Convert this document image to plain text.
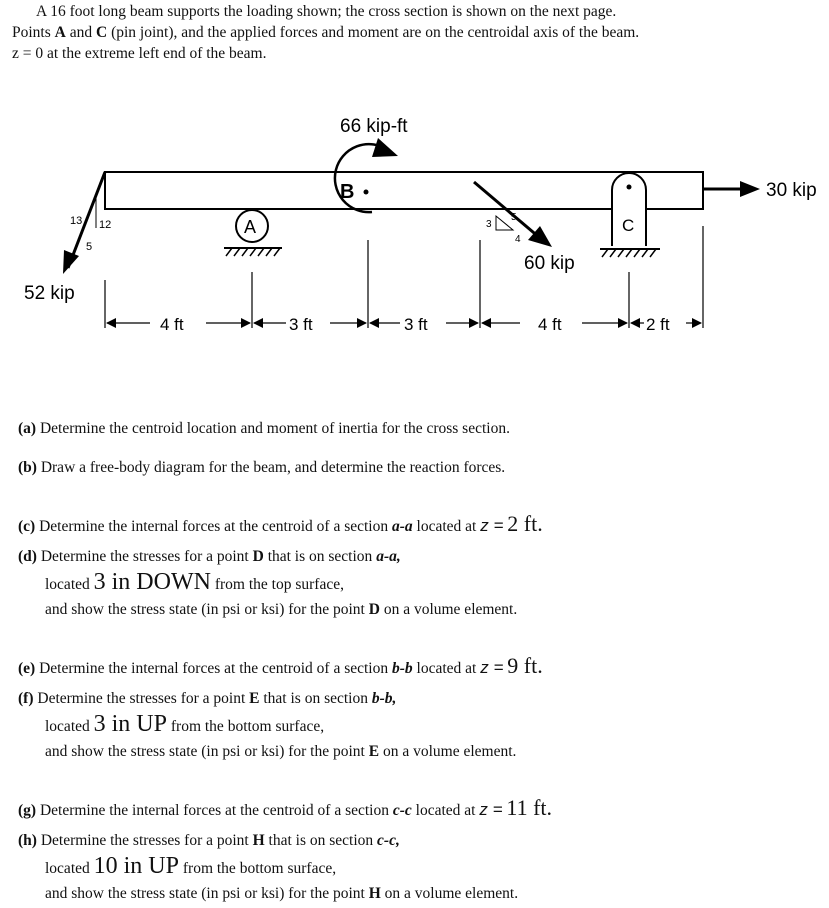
A 16 foot long beam supports the loading shown; the cross section is shown on the next page.
Points A and C (pin joint), and the applied forces and moment are on the centroidal axis of the beam.
z = 0 at the extreme left end of the beam.
66 kip-ft
B
52 kip
13 12
5
A
60 kip
3
5
4
C
30 kip
4 ft	3 ft	3 ft	4 ft	2 ft
(a) Determine the centroid location and moment of inertia for the cross section.
(b) Draw a free-body diagram for the beam, and determine the reaction forces.
(c) Determine the internal forces at the centroid of a section a-a located at z = 2 ft.
(d) Determine the stresses for a point D that is on section a-a,
located 3 in DOWN from the top surface,
and show the stress state (in psi or ksi) for the point D on a volume element.
(e) Determine the internal forces at the centroid of a section b-b located at z = 9 ft.
(f) Determine the stresses for a point E that is on section b-b,
located 3 in UP from the bottom surface,
and show the stress state (in psi or ksi) for the point E on a volume element.
(g) Determine the internal forces at the centroid of a section c-c located at z = 11 ft.
(h) Determine the stresses for a point H that is on section c-c,
located 10 in UP from the bottom surface,
and show the stress state (in psi or ksi) for the point H on a volume element.
